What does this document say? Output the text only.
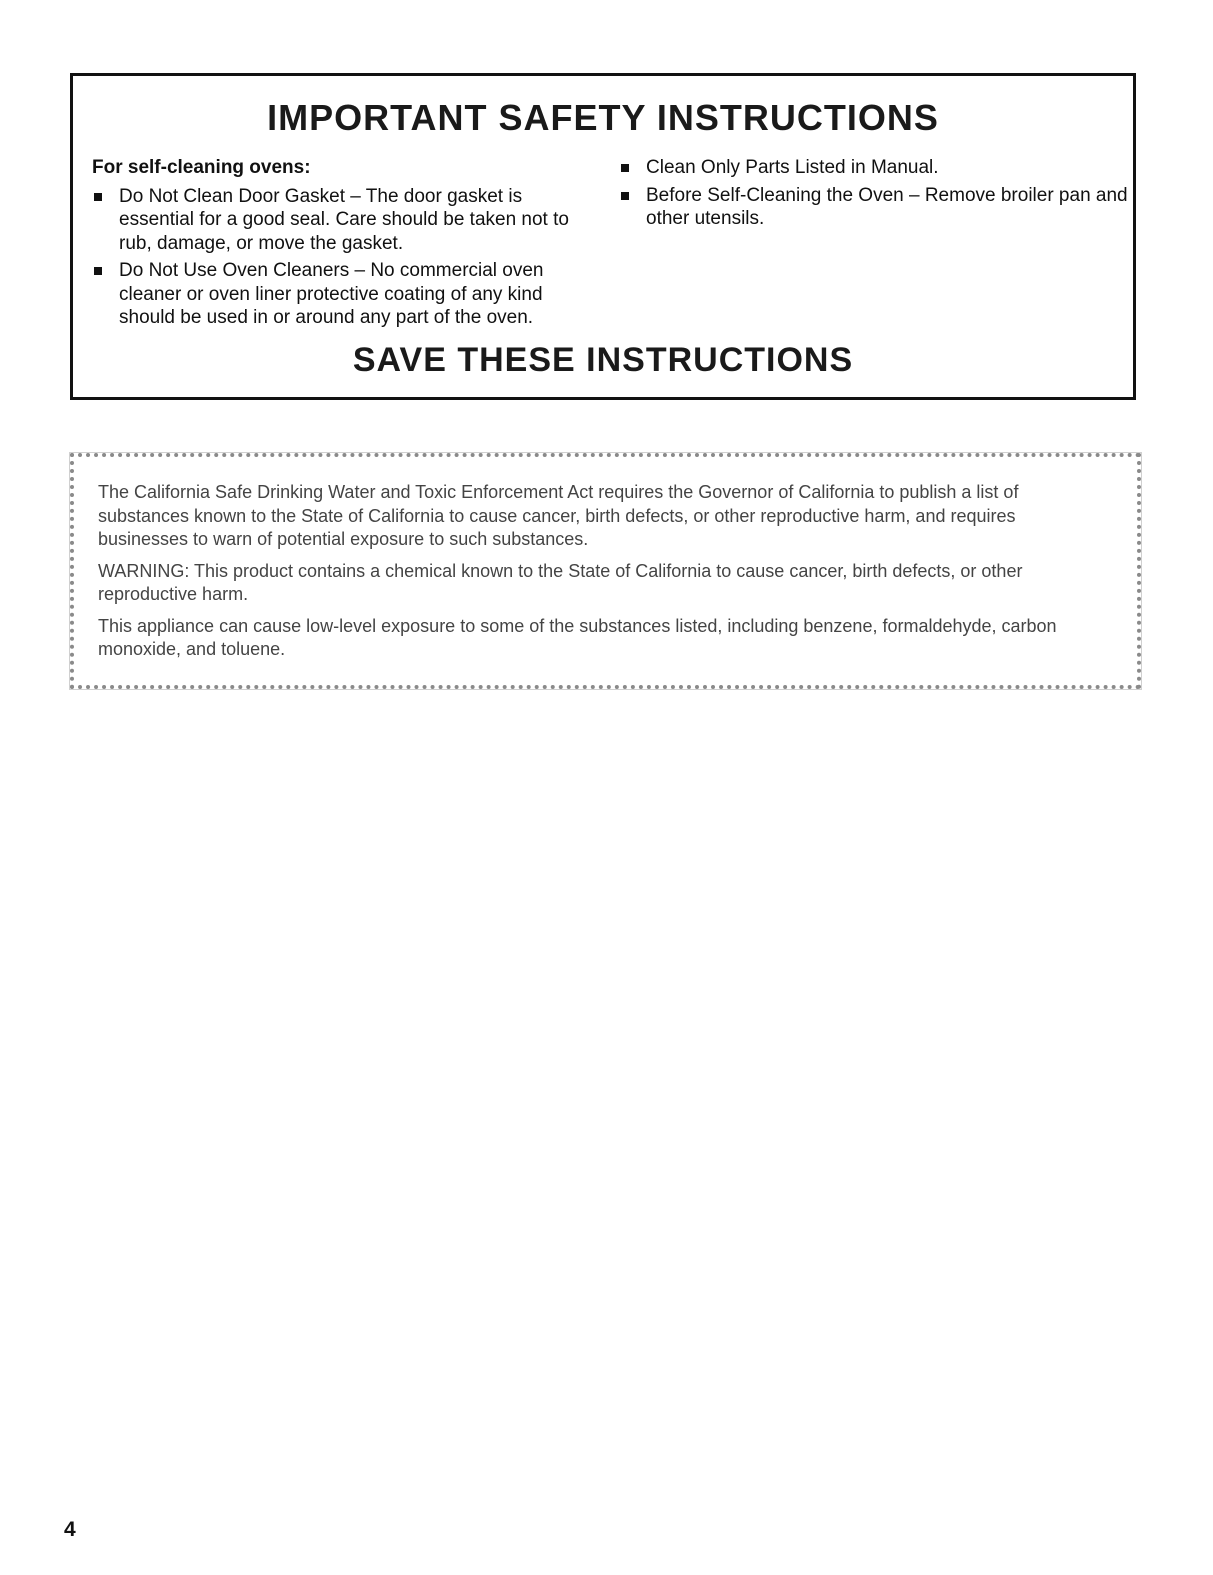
IMPORTANT SAFETY INSTRUCTIONS

For self-cleaning ovens:

Do Not Clean Door Gasket – The door gasket is essential for a good seal. Care should be taken not to rub, damage, or move the gasket.
Do Not Use Oven Cleaners – No commercial oven cleaner or oven liner protective coating of any kind should be used in or around any part of the oven.
Clean Only Parts Listed in Manual.
Before Self-Cleaning the Oven – Remove broiler pan and other utensils.
SAVE THESE INSTRUCTIONS

The California Safe Drinking Water and Toxic Enforcement Act requires the Governor of California to publish a list of substances known to the State of California to cause cancer, birth defects, or other reproductive harm, and requires businesses to warn of potential exposure to such substances.

WARNING: This product contains a chemical known to the State of California to cause cancer, birth defects, or other reproductive harm.

This appliance can cause low-level exposure to some of the substances listed, including benzene, formaldehyde, carbon monoxide, and toluene.

4
